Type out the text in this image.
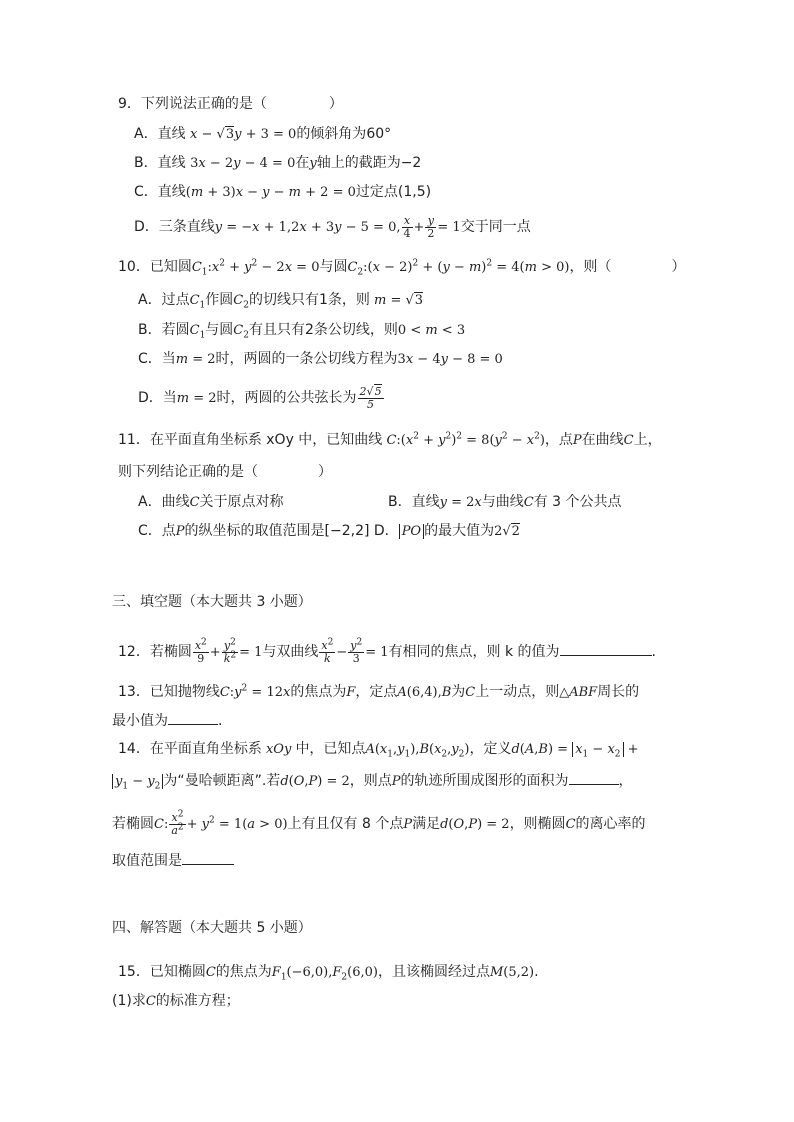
9．下列说法正确的是（	）
A．直线 x − √3y + 3 = 0的倾斜角为60°
B．直线 3x − 2y − 4 = 0在y轴上的截距为−2
C．直线(m + 3)x − y − m + 2 = 0过定点(1,5)
D．三条直线y = −x + 1,2x + 3y − 5 = 0, $\frac{x}{4} + \frac{y}{2} = 1$交于同一点
10．已知圆$C_1:x^2 + y^2 - 2x = 0$与圆$C_2:(x - 2)^2 + (y - m)^2 = 4(m > 0)$，则（	）
A．过点$C_1$作圆$C_2$的切线只有1条，则 m = √3
B．若圆$C_1$与圆$C_2$有且只有2条公切线，则0 < m < 3
C．当m = 2时，两圆的一条公切线方程为3x − 4y − 8 = 0
D．当m = 2时，两圆的公共弦长为 $\frac{2√5}{5}$
11．在平面直角坐标系 xOy 中，已知曲线 $C:(x^2 + y^2)^2 = 8(y^2 - x^2)$，点P在曲线C上，
则下列结论正确的是（	）
A．曲线C关于原点对称	B．直线y = 2x与曲线C有 3 个公共点
C．点P的纵坐标的取值范围是[−2,2] D． PO 的最大值为2√2
三、填空题（本大题共 3 小题）
12．若椭圆 $\frac{x^2}{9} + \frac{y^2}{k^2} = 1$与双曲线 $\frac{x^2}{k} - \frac{y^2}{3} = 1$有相同的焦点，则 k 的值为	.
13．已知抛物线$C:y^2 = 12x$的焦点为F，定点A(6,4),B为C上一动点，则△ABF周长的
最小值为	.
14．在平面直角坐标系 xOy 中，已知点$A(x_1,y_1),B(x_2,y_2)$，定义$d(A,B) = x_1 - x_2$ +
$y_1 - y_2$ 为“曼哈顿距离”.若d(O,P) = 2，则点P的轨迹所围成图形的面积为	，
若椭圆C: $\frac{x^2}{a^2} + y^2 = 1(a > 0)$上有且仅有 8 个点P满足d(O,P) = 2，则椭圆C的离心率的
取值范围是
四、解答题（本大题共 5 小题）
15．已知椭圆C的焦点为$F_1(-6,0),F_2(6,0)$，且该椭圆经过点M(5,2).
(1)求C的标准方程；
